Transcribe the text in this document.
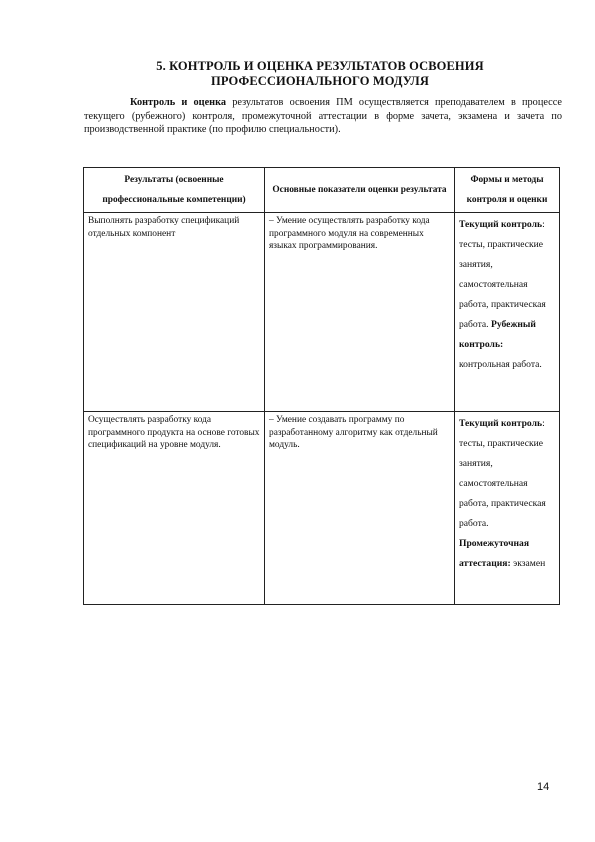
5. КОНТРОЛЬ И ОЦЕНКА РЕЗУЛЬТАТОВ ОСВОЕНИЯ
ПРОФЕССИОНАЛЬНОГО МОДУЛЯ

Контроль и оценка результатов освоения ПМ осуществляется преподавателем в процессе текущего (рубежного) контроля, промежуточной аттестации в форме зачета, экзамена и зачета по производственной практике (по профилю специальности).

Результаты (освоенные профессиональные компетенции)	Основные показатели оценки результата	Формы и методы контроля и оценки

Выполнять разработку спецификаций отдельных компонент	– Умение осуществлять разработку кода программного модуля на современных языках программирования.	Текущий контроль: тесты, практические занятия, самостоятельная работа, практическая работа. Рубежный контроль: контрольная работа.

Осуществлять разработку кода программного продукта на основе готовых спецификаций на уровне модуля.	– Умение создавать программу по разработанному алгоритму как отдельный модуль.	Текущий контроль: тесты, практические занятия, самостоятельная работа, практическая работа. Промежуточная аттестация: экзамен
14
